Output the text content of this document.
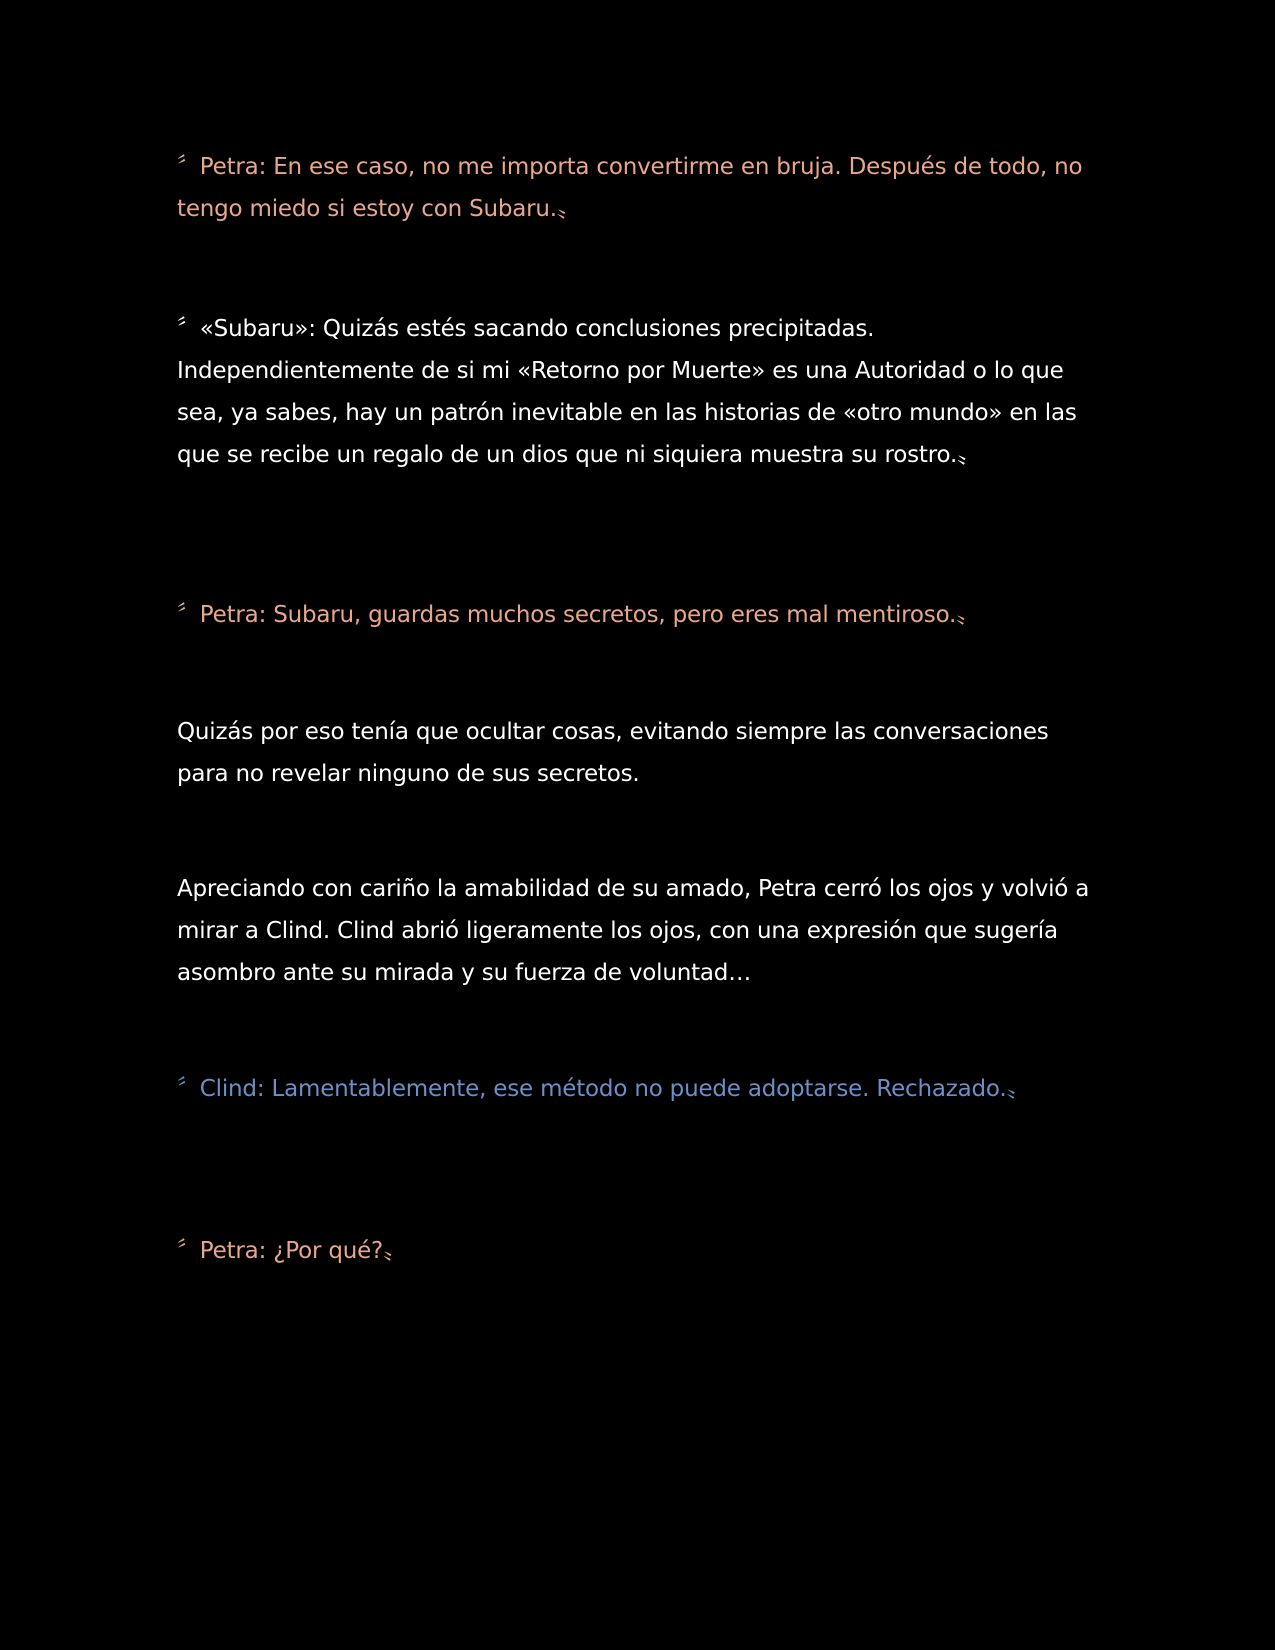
〞Petra: En ese caso, no me importa convertirme en bruja. Después de todo, no tengo miedo si estoy con Subaru.〟

〞«Subaru»: Quizás estés sacando conclusiones precipitadas. Independientemente de si mi «Retorno por Muerte» es una Autoridad o lo que sea, ya sabes, hay un patrón inevitable en las historias de «otro mundo» en las que se recibe un regalo de un dios que ni siquiera muestra su rostro.〟

〞Petra: Subaru, guardas muchos secretos, pero eres mal mentiroso.〟

Quizás por eso tenía que ocultar cosas, evitando siempre las conversaciones para no revelar ninguno de sus secretos.

Apreciando con cariño la amabilidad de su amado, Petra cerró los ojos y volvió a mirar a Clind. Clind abrió ligeramente los ojos, con una expresión que sugería asombro ante su mirada y su fuerza de voluntad…

〞Clind: Lamentablemente, ese método no puede adoptarse. Rechazado.〟

〞Petra: ¿Por qué?〟
